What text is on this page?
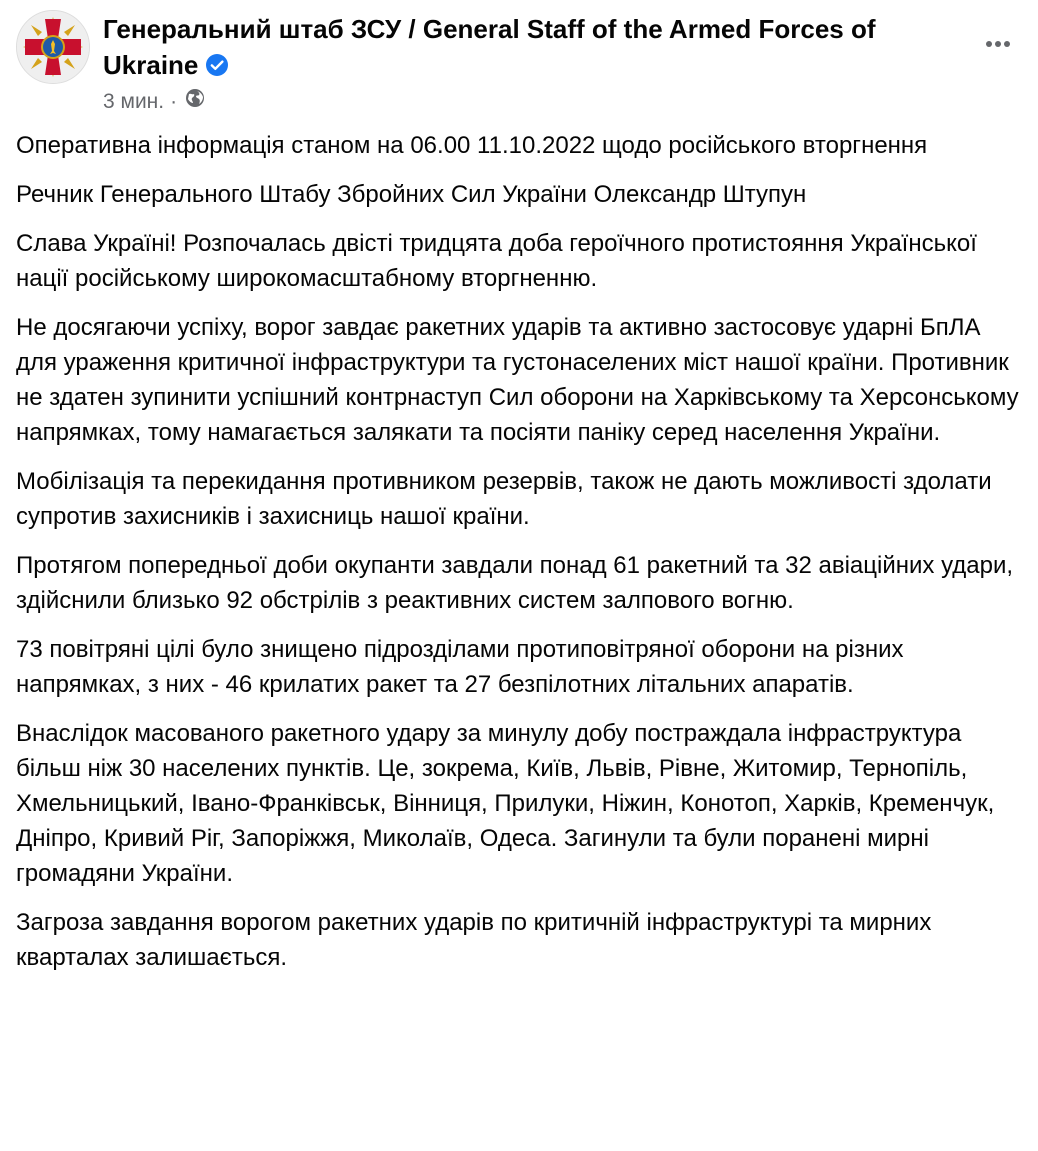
Генеральний штаб ЗСУ / General Staff of the Armed Forces of Ukraine
3 мин. ·

Оперативна інформація станом на 06.00 11.10.2022 щодо російського вторгнення

Речник Генерального Штабу Збройних Сил України Олександр Штупун

Слава Україні! Розпочалась двісті тридцята доба героїчного протистояння Української нації російському широкомасштабному вторгненню.

Не досягаючи успіху, ворог завдає ракетних ударів та активно застосовує ударні БпЛА для ураження критичної інфраструктури та густонаселених міст нашої країни. Противник не здатен зупинити успішний контрнаступ Сил оборони на Харківському та Херсонському напрямках, тому намагається залякати та посіяти паніку серед населення України.

Мобілізація та перекидання противником резервів, також не дають можливості здолати супротив захисників і захисниць нашої країни.

Протягом попередньої доби окупанти завдали понад 61 ракетний та 32 авіаційних удари, здійснили близько 92 обстрілів з реактивних систем залпового вогню.

73 повітряні цілі було знищено підрозділами протиповітряної оборони на різних напрямках, з них - 46 крилатих ракет та 27 безпілотних літальних апаратів.

Внаслідок масованого ракетного удару за минулу добу постраждала інфраструктура більш ніж 30 населених пунктів. Це, зокрема, Київ, Львів, Рівне, Житомир, Тернопіль, Хмельницький, Івано-Франківськ, Вінниця, Прилуки, Ніжин, Конотоп, Харків, Кременчук, Дніпро, Кривий Ріг, Запоріжжя, Миколаїв, Одеса. Загинули та були поранені мирні громадяни України.

Загроза завдання ворогом ракетних ударів по критичній інфраструктурі та мирних кварталах залишається.
